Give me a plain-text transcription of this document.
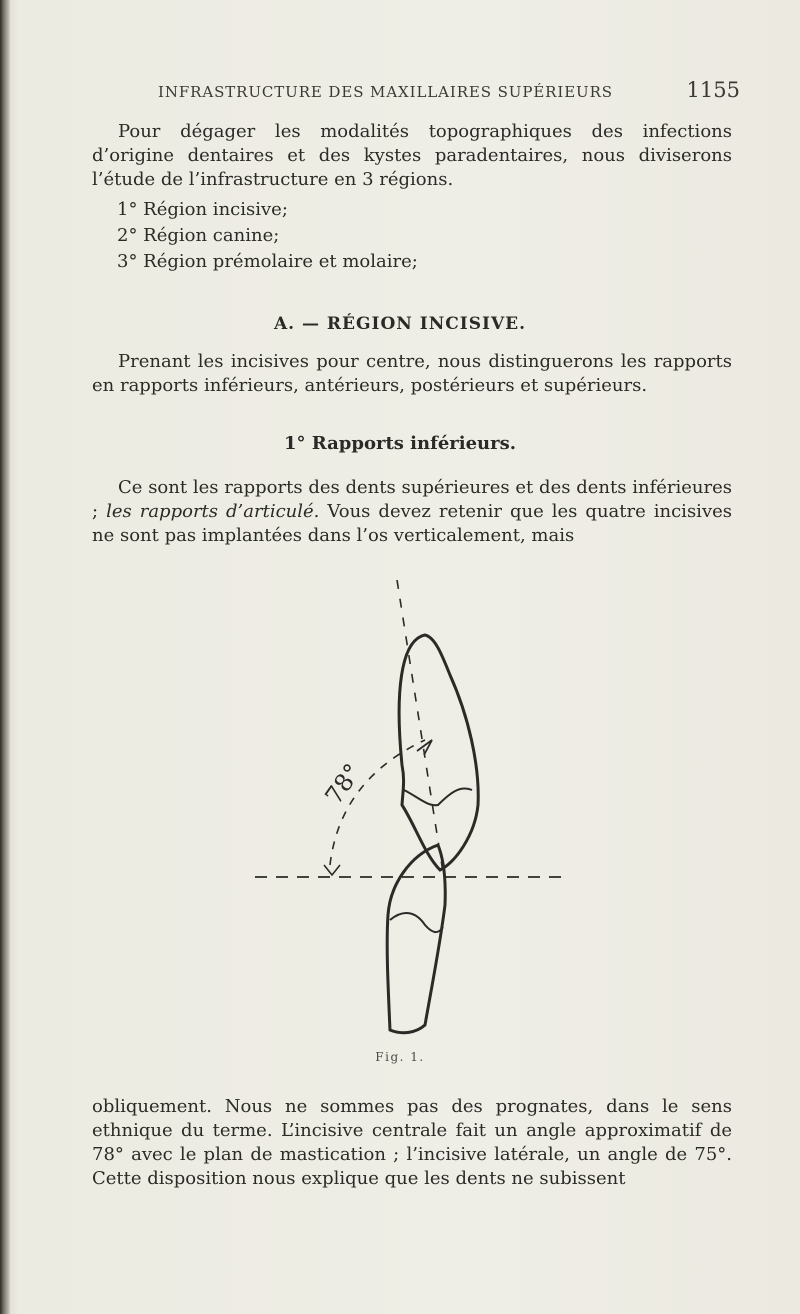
INFRASTRUCTURE DES MAXILLAIRES SUPÉRIEURS	1155

Pour dégager les modalités topographiques des infections d’origine dentaires et des kystes paradentaires, nous diviserons l’étude de l’infrastructure en 3 régions.

1° Région incisive;
2° Région canine;
3° Région prémolaire et molaire;
A. — RÉGION INCISIVE.

Prenant les incisives pour centre, nous distinguerons les rapports en rapports inférieurs, antérieurs, postérieurs et supérieurs.

1° Rapports inférieurs.

Ce sont les rapports des dents supérieures et des dents inférieures ; les rapports d’articulé. Vous devez retenir que les quatre incisives ne sont pas implantées dans l’os verticalement, mais

78°
Fig. 1.

obliquement. Nous ne sommes pas des prognates, dans le sens ethnique du terme. L’incisive centrale fait un angle approximatif de 78° avec le plan de mastication ; l’incisive latérale, un angle de 75°. Cette disposition nous explique que les dents ne subissent
